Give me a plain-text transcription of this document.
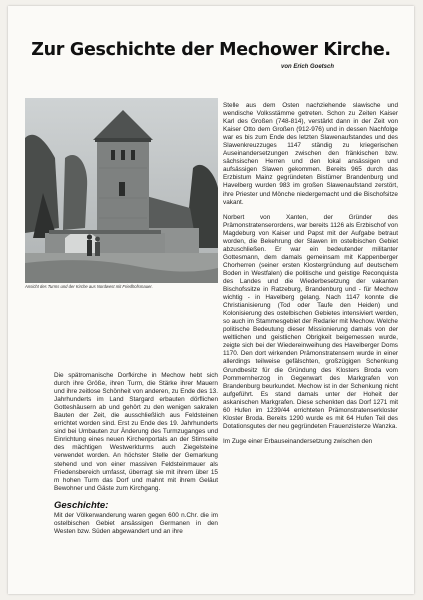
Zur Geschichte der Mechower Kirche.
von Erich Goetsch
Ansicht des Turms und der Kirche aus Nordwest mit Friedhofsmauer.

Die spätromanische Dorfkirche in Mechow hebt sich durch ihre Größe, ihren Turm, die Stärke ihrer Mauern und ihre zeitlose Schönheit von anderen, zu Ende des 13. Jahrhunderts im Land Stargard erbauten dörflichen Gotteshäusern ab und gehört zu den wenigen sakralen Bauten der Zeit, die ausschließlich aus Feldsteinen errichtet worden sind. Erst zu Ende des 19. Jahrhunderts sind bei Umbauten zur Änderung des Turmzuganges und Einrichtung eines neuen Kirchenportals an der Stirnseite des mächtigen Westwerkturms auch Ziegelsteine verwendet worden. An höchster Stelle der Gemarkung stehend und von einer massiven Feldsteinmauer als Friedensbereich umfasst, überragt sie mit ihrem über 15 m hohen Turm das Dorf und mahnt mit ihrem Geläut Bewohner und Gäste zum Kirchgang.

Geschichte:

Mit der Völkerwanderung waren gegen 600 n.Chr. die im ostelbischen Gebiet ansässigen Germanen in den Westen bzw. Süden abgewandert und an ihre

Stelle aus dem Osten nachziehende slawische und wendische Volksstämme getreten. Schon zu Zeiten Kaiser Karl des Großen (748-814), verstärkt dann in der Zeit von Kaiser Otto dem Großen (912-976) und in dessen Nachfolge war es bis zum Ende des letzten Slawenaufstandes und des Slawenkreuzzuges 1147 ständig zu kriegerischen Auseinandersetzungen zwischen den fränkischen bzw. sächsischen Herren und den lokal ansässigen und aufsässigen Slawen gekommen. Bereits 965 durch das Erzbistum Mainz gegründeten Bistümer Brandenburg und Havelberg wurden 983 im großen Slawenaufstand zerstört, ihre Priester und Mönche niedergemacht und die Bischofsitze vakant.

Norbert von Xanten, der Gründer des Prämonstratenserordens, war bereits 1126 als Erzbischof von Magdeburg von Kaiser und Papst mit der Aufgabe betraut worden, die Bekehrung der Slawen im ostelbischen Gebiet abzuschließen. Er war ein bedeutender militanter Gottesmann, dem damals gemeinsam mit Kappenberger Chorherren (seiner ersten Klostergründung auf deutschem Boden in Westfalen) die politische und geistige Reconquista des Landes und die Wiederbesetzung der vakanten Bischofssitze in Ratzeburg, Brandenburg und - für Mechow wichtig - in Havelberg gelang. Nach 1147 konnte die Christianisierung (Tod oder Taufe den Heiden) und Kolonisierung des ostelbischen Gebietes intensiviert werden, so auch im Stammesgebiet der Redarier mit Mechow. Welche politische Bedeutung dieser Missionierung damals von der weltlichen und geistlichen Obrigkeit beigemessen wurde, zeigte sich bei der Wiedereinweihung des Havelberger Doms 1170. Den dort wirkenden Prämonstratensern wurde in einer allerdings teilweise gefälschten, großzügigen Schenkung Grundbesitz für die Gründung des Klosters Broda vom Pommernherzog in Gegenwart des Markgrafen von Brandenburg beurkundet. Mechow ist in der Schenkung nicht aufgeführt. Es stand damals unter der Hoheit der askanischen Markgrafen. Diese schenkten das Dorf 1271 mit 60 Hufen im 1239/44 errichteten Prämonstratenserkloster Kloster Broda. Bereits 1290 wurde es mit 64 Hufen Teil des Dotationsgutes der neu gegründeten Frauenzisterze Wanzka.

Im Zuge einer Erbauseinandersetzung zwischen den
